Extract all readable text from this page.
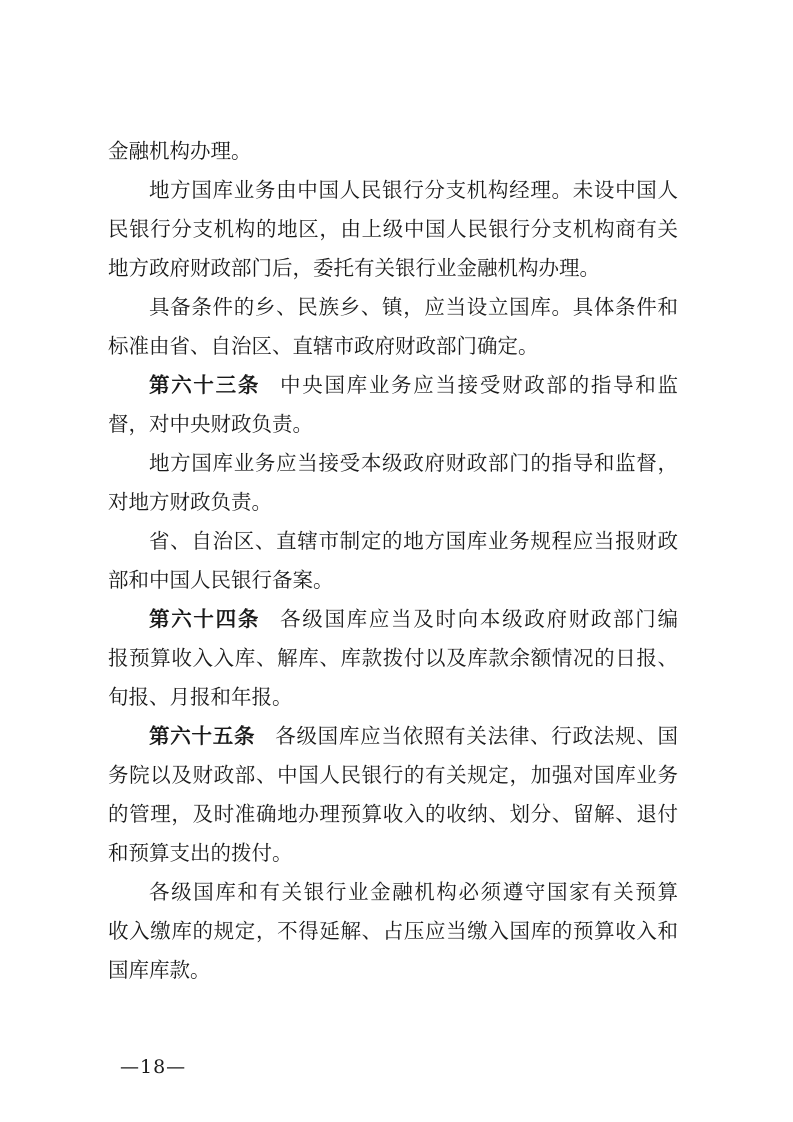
金融机构办理。
地方国库业务由中国人民银行分支机构经理。未设中国人
民银行分支机构的地区，由上级中国人民银行分支机构商有关
地方政府财政部门后，委托有关银行业金融机构办理。
具备条件的乡、民族乡、镇，应当设立国库。具体条件和
标准由省、自治区、直辖市政府财政部门确定。
第六十三条 中央国库业务应当接受财政部的指导和监
督，对中央财政负责。
地方国库业务应当接受本级政府财政部门的指导和监督，
对地方财政负责。
省、自治区、直辖市制定的地方国库业务规程应当报财政
部和中国人民银行备案。
第六十四条 各级国库应当及时向本级政府财政部门编
报预算收入入库、解库、库款拨付以及库款余额情况的日报、
旬报、月报和年报。
第六十五条 各级国库应当依照有关法律、行政法规、国
务院以及财政部、中国人民银行的有关规定，加强对国库业务
的管理，及时准确地办理预算收入的收纳、划分、留解、退付
和预算支出的拨付。
各级国库和有关银行业金融机构必须遵守国家有关预算
收入缴库的规定，不得延解、占压应当缴入国库的预算收入和
国库库款。
—18—
